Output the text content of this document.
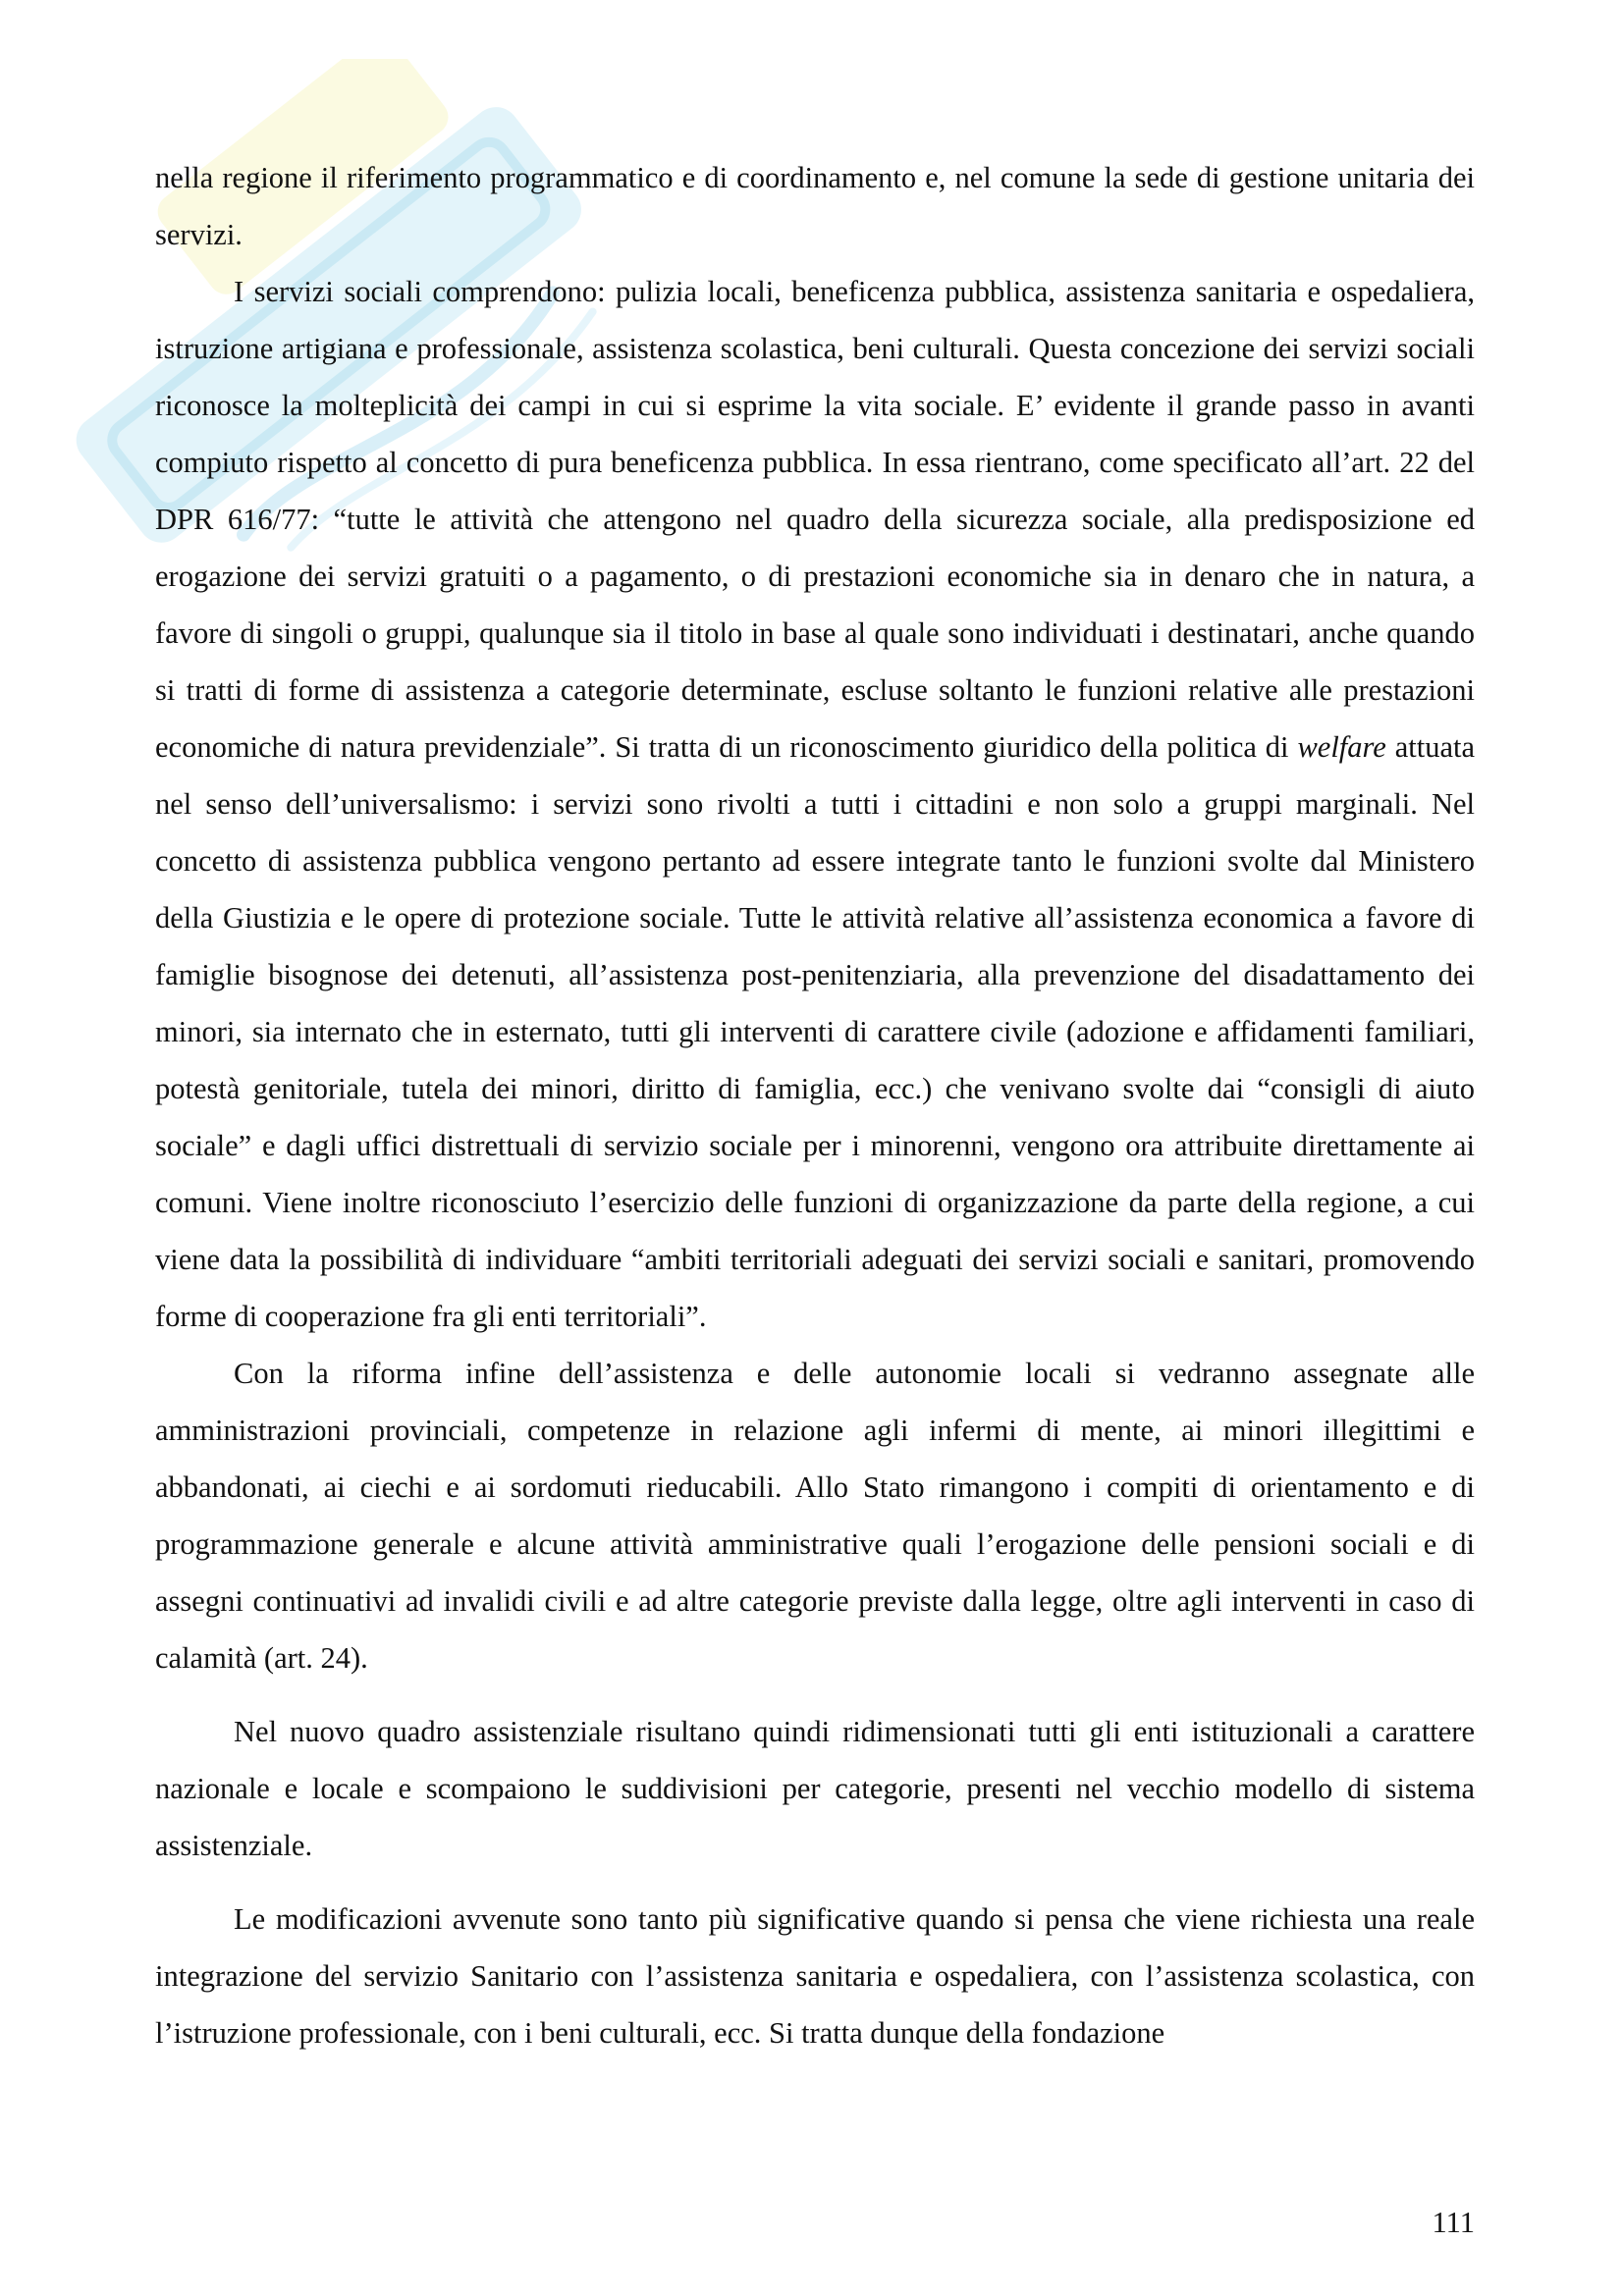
nella regione il riferimento programmatico e di coordinamento e, nel comune la sede di gestione unitaria dei servizi.

I servizi sociali comprendono: pulizia locali, beneficenza pubblica, assistenza sanitaria e ospedaliera, istruzione artigiana e professionale, assistenza scolastica, beni culturali. Questa concezione dei servizi sociali riconosce la molteplicità dei campi in cui si esprime la vita sociale. E’ evidente il grande passo in avanti compiuto rispetto al concetto di pura beneficenza pubblica. In essa rientrano, come specificato all’art. 22 del DPR 616/77: “tutte le attività che attengono nel quadro della sicurezza sociale, alla predisposizione ed erogazione dei servizi gratuiti o a pagamento, o di prestazioni economiche sia in denaro che in natura, a favore di singoli o gruppi, qualunque sia il titolo in base al quale sono individuati i destinatari, anche quando si tratti di forme di assistenza a categorie determinate, escluse soltanto le funzioni relative alle prestazioni economiche di natura previdenziale”. Si tratta di un riconoscimento giuridico della politica di welfare attuata nel senso dell’universalismo: i servizi sono rivolti a tutti i cittadini e non solo a gruppi marginali. Nel concetto di assistenza pubblica vengono pertanto ad essere integrate tanto le funzioni svolte dal Ministero della Giustizia e le opere di protezione sociale. Tutte le attività relative all’assistenza economica a favore di famiglie bisognose dei detenuti, all’assistenza post-penitenziaria, alla prevenzione del disadattamento dei minori, sia internato che in esternato, tutti gli interventi di carattere civile (adozione e affidamenti familiari, potestà genitoriale, tutela dei minori, diritto di famiglia, ecc.) che venivano svolte dai “consigli di aiuto sociale” e dagli uffici distrettuali di servizio sociale per i minorenni, vengono ora attribuite direttamente ai comuni. Viene inoltre riconosciuto l’esercizio delle funzioni di organizzazione da parte della regione, a cui viene data la possibilità di individuare “ambiti territoriali adeguati dei servizi sociali e sanitari, promovendo forme di cooperazione fra gli enti territoriali”.

Con la riforma infine dell’assistenza e delle autonomie locali si vedranno assegnate alle amministrazioni provinciali, competenze in relazione agli infermi di mente, ai minori illegittimi e abbandonati, ai ciechi e ai sordomuti rieducabili. Allo Stato rimangono i compiti di orientamento e di programmazione generale e alcune attività amministrative quali l’erogazione delle pensioni sociali e di assegni continuativi ad invalidi civili e ad altre categorie previste dalla legge, oltre agli interventi in caso di calamità (art. 24).

Nel nuovo quadro assistenziale risultano quindi ridimensionati tutti gli enti istituzionali a carattere nazionale e locale e scompaiono le suddivisioni per categorie, presenti nel vecchio modello di sistema assistenziale.

Le modificazioni avvenute sono tanto più significative quando si pensa che viene richiesta una reale integrazione del servizio Sanitario con l’assistenza sanitaria e ospedaliera, con l’assistenza scolastica, con l’istruzione professionale, con i beni culturali, ecc. Si tratta dunque della fondazione

111
